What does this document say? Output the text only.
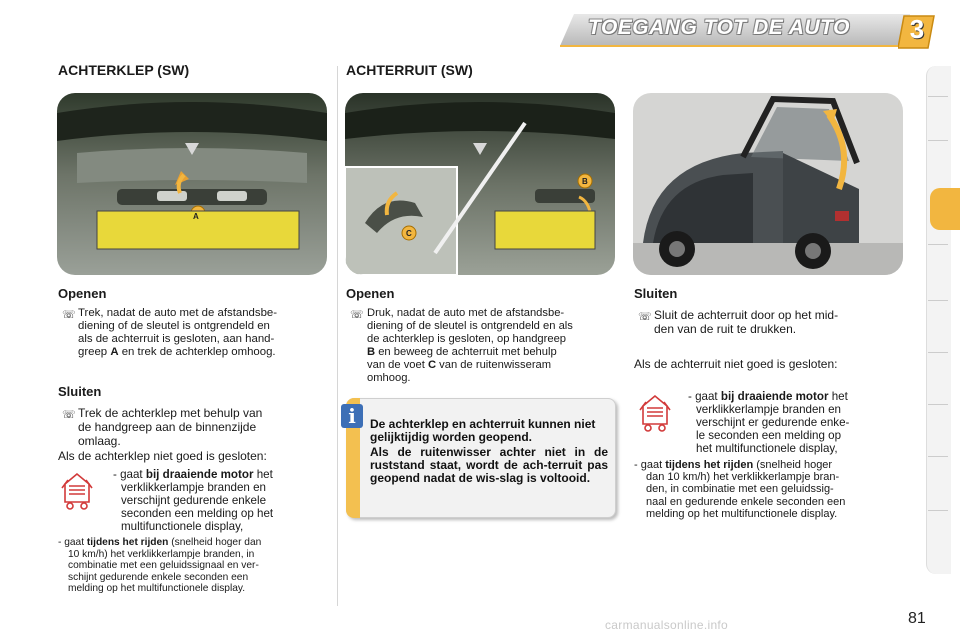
TOEGANG TOT DE AUTO 3
ACHTERKLEP (SW)
A
Openen
☏ Trek, nadat de auto met de afstandsbe-
diening of de sleutel is ontgrendeld en
als de achterruit is gesloten, aan hand-
greep A en trek de achterklep omhoog.
Sluiten
☏ Trek de achterklep met behulp van
de handgreep aan de binnenzijde
omlaag.
Als de achterklep niet goed is gesloten:
- gaat bij draaiende motor het
verklikkerlampje branden en
verschijnt gedurende enkele
seconden een melding op het
multifunctionele display,
- gaat tijdens het rijden (snelheid hoger dan
10 km/h) het verklikkerlampje branden, in
combinatie met een geluidssignaal en ver-
schijnt gedurende enkele seconden een
melding op het multifunctionele display.
ACHTERRUIT (SW)
B
C
Openen
☏ Druk, nadat de auto met de afstandsbe-
diening of de sleutel is ontgrendeld en als
de achterklep is gesloten, op handgreep
B en beweeg de achterruit met behulp
van de voet C van de ruitenwisseram
omhoog.
i	De achterklep en achterruit kunnen niet gelijktijdig worden geopend.
Als de ruitenwisser achter niet in de ruststand staat, wordt de ach-terruit pas geopend nadat de wis-slag is voltooid.
Sluiten
☏ Sluit de achterruit door op het mid-
den van de ruit te drukken.
Als de achterruit niet goed is gesloten:
- gaat bij draaiende motor het
verklikkerlampje branden en
verschijnt er gedurende enke-
le seconden een melding op
het multifunctionele display,
- gaat tijdens het rijden (snelheid hoger
dan 10 km/h) het verklikkerlampje bran-
den, in combinatie met een geluidssig-
naal en gedurende enkele seconden een
melding op het multifunctionele display.
carmanualsonline.info	81
